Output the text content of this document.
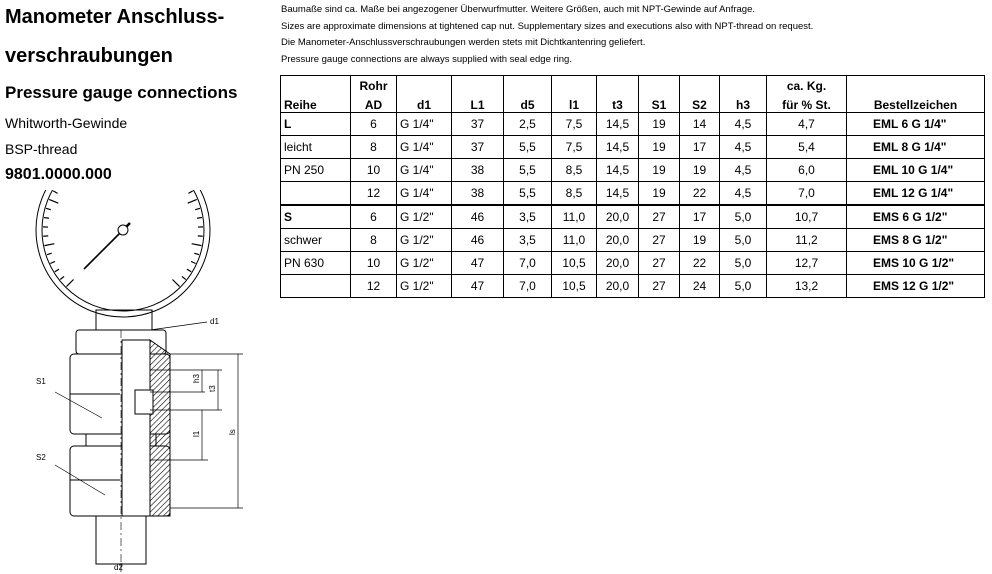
Manometer Anschluss-
verschraubungen
Pressure gauge connections
Whitworth-Gewinde
BSP-thread
d1
S1
S2
h3
t3
l1	ls
d2
9801.0000.000
Baumaße sind ca. Maße bei angezogener Überwurfmutter. Weitere Größen, auch mit NPT-Gewinde auf Anfrage.
Sizes are approximate dimensions at tightened cap nut. Supplementary sizes and executions also with NPT-thread on request.
Die Manometer-Anschlussverschraubungen werden stets mit Dichtkantenring geliefert.
Pressure gauge connections are always supplied with seal edge ring.
	Rohr									ca. Kg.	
Reihe	AD	d1	L1	d5	l1	t3	S1	S2	h3	für % St.	Bestellzeichen
L	6	G 1/4"	37	2,5	7,5	14,5	19	14	4,5	4,7	EML 6 G 1/4"
leicht	8	G 1/4"	37	5,5	7,5	14,5	19	17	4,5	5,4	EML 8 G 1/4"
PN 250	10	G 1/4"	38	5,5	8,5	14,5	19	19	4,5	6,0	EML 10 G 1/4"
	12	G 1/4"	38	5,5	8,5	14,5	19	22	4,5	7,0	EML 12 G 1/4"
S	6	G 1/2"	46	3,5	11,0	20,0	27	17	5,0	10,7	EMS 6 G 1/2"
schwer	8	G 1/2"	46	3,5	11,0	20,0	27	19	5,0	11,2	EMS 8 G 1/2"
PN 630	10	G 1/2"	47	7,0	10,5	20,0	27	22	5,0	12,7	EMS 10 G 1/2"
	12	G 1/2"	47	7,0	10,5	20,0	27	24	5,0	13,2	EMS 12 G 1/2"
